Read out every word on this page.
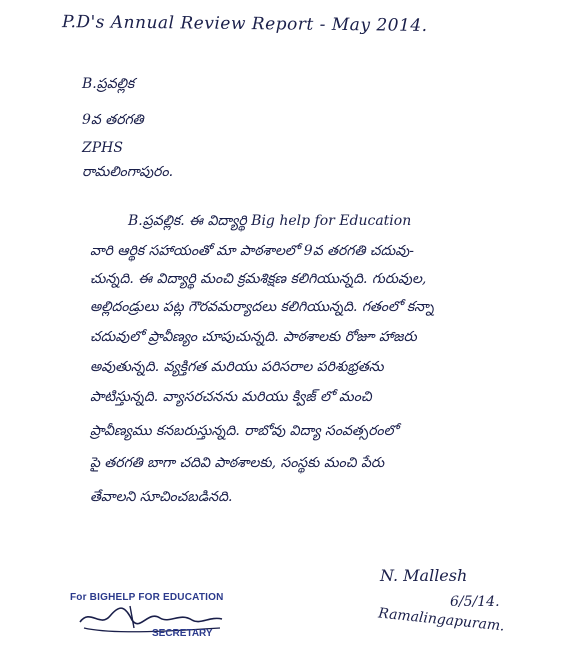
P.D's Annual Review Report - May 2014.
B.ప్రవల్లిక
9వ తరగతి
ZPHS
రామలింగాపురం.
B.ప్రవల్లిక. ఈ విద్యార్థి Big help for Education
వారి ఆర్థిక సహాయంతో మా పాఠశాలలో 9వ తరగతి చదువు-
చున్నది. ఈ విద్యార్థి మంచి క్రమశిక్షణ కలిగియున్నది. గురువుల,
అల్లిదండ్రులు పట్ల గౌరవమర్యాదలు కలిగియున్నది. గతంలో కన్నా
చదువులో ప్రావీణ్యం చూపుచున్నది. పాఠశాలకు రోజూ హాజరు
అవుతున్నది. వ్యక్తిగత మరియు పరిసరాల పరిశుభ్రతను
పాటిస్తున్నది. వ్యాసరచనను మరియు క్విజ్ లో మంచి
ప్రావీణ్యము కనబరుస్తున్నది. రాబోవు విద్యా సంవత్సరంలో
పై తరగతి బాగా చదివి పాఠశాలకు, సంస్థకు మంచి పేరు
తేవాలని సూచించబడినది.
N. Mallesh
6/5/14.
Ramalingapuram.
For BIGHELP FOR EDUCATION
SECRETARY
